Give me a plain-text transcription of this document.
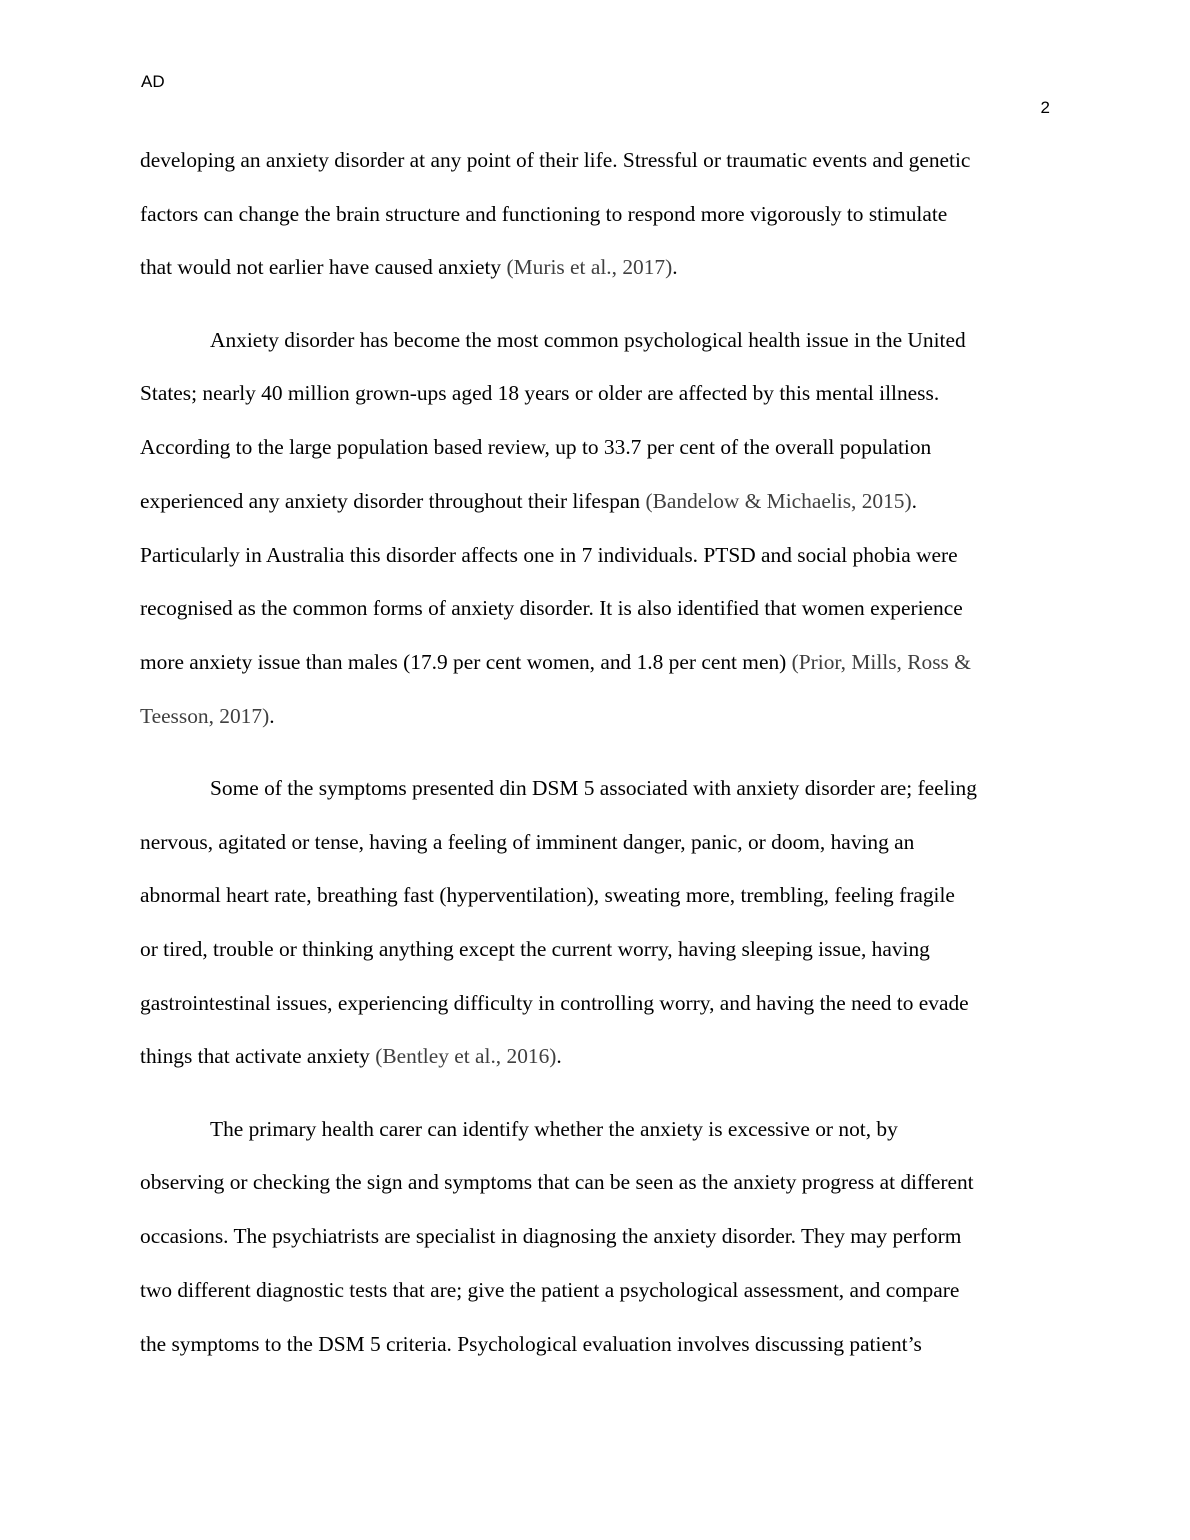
AD
2

developing an anxiety disorder at any point of their life. Stressful or traumatic events and genetic
factors can change the brain structure and functioning to respond more vigorously to stimulate
that would not earlier have caused anxiety (Muris et al., 2017).

Anxiety disorder has become the most common psychological health issue in the United
States; nearly 40 million grown-ups aged 18 years or older are affected by this mental illness.
According to the large population based review, up to 33.7 per cent of the overall population
experienced any anxiety disorder throughout their lifespan (Bandelow & Michaelis, 2015).
Particularly in Australia this disorder affects one in 7 individuals. PTSD and social phobia were
recognised as the common forms of anxiety disorder. It is also identified that women experience
more anxiety issue than males (17.9 per cent women, and 1.8 per cent men) (Prior, Mills, Ross &
Teesson, 2017).

Some of the symptoms presented din DSM 5 associated with anxiety disorder are; feeling
nervous, agitated or tense, having a feeling of imminent danger, panic, or doom, having an
abnormal heart rate, breathing fast (hyperventilation), sweating more, trembling, feeling fragile
or tired, trouble or thinking anything except the current worry, having sleeping issue, having
gastrointestinal issues, experiencing difficulty in controlling worry, and having the need to evade
things that activate anxiety (Bentley et al., 2016).

The primary health carer can identify whether the anxiety is excessive or not, by
observing or checking the sign and symptoms that can be seen as the anxiety progress at different
occasions. The psychiatrists are specialist in diagnosing the anxiety disorder. They may perform
two different diagnostic tests that are; give the patient a psychological assessment, and compare
the symptoms to the DSM 5 criteria. Psychological evaluation involves discussing patient’s
